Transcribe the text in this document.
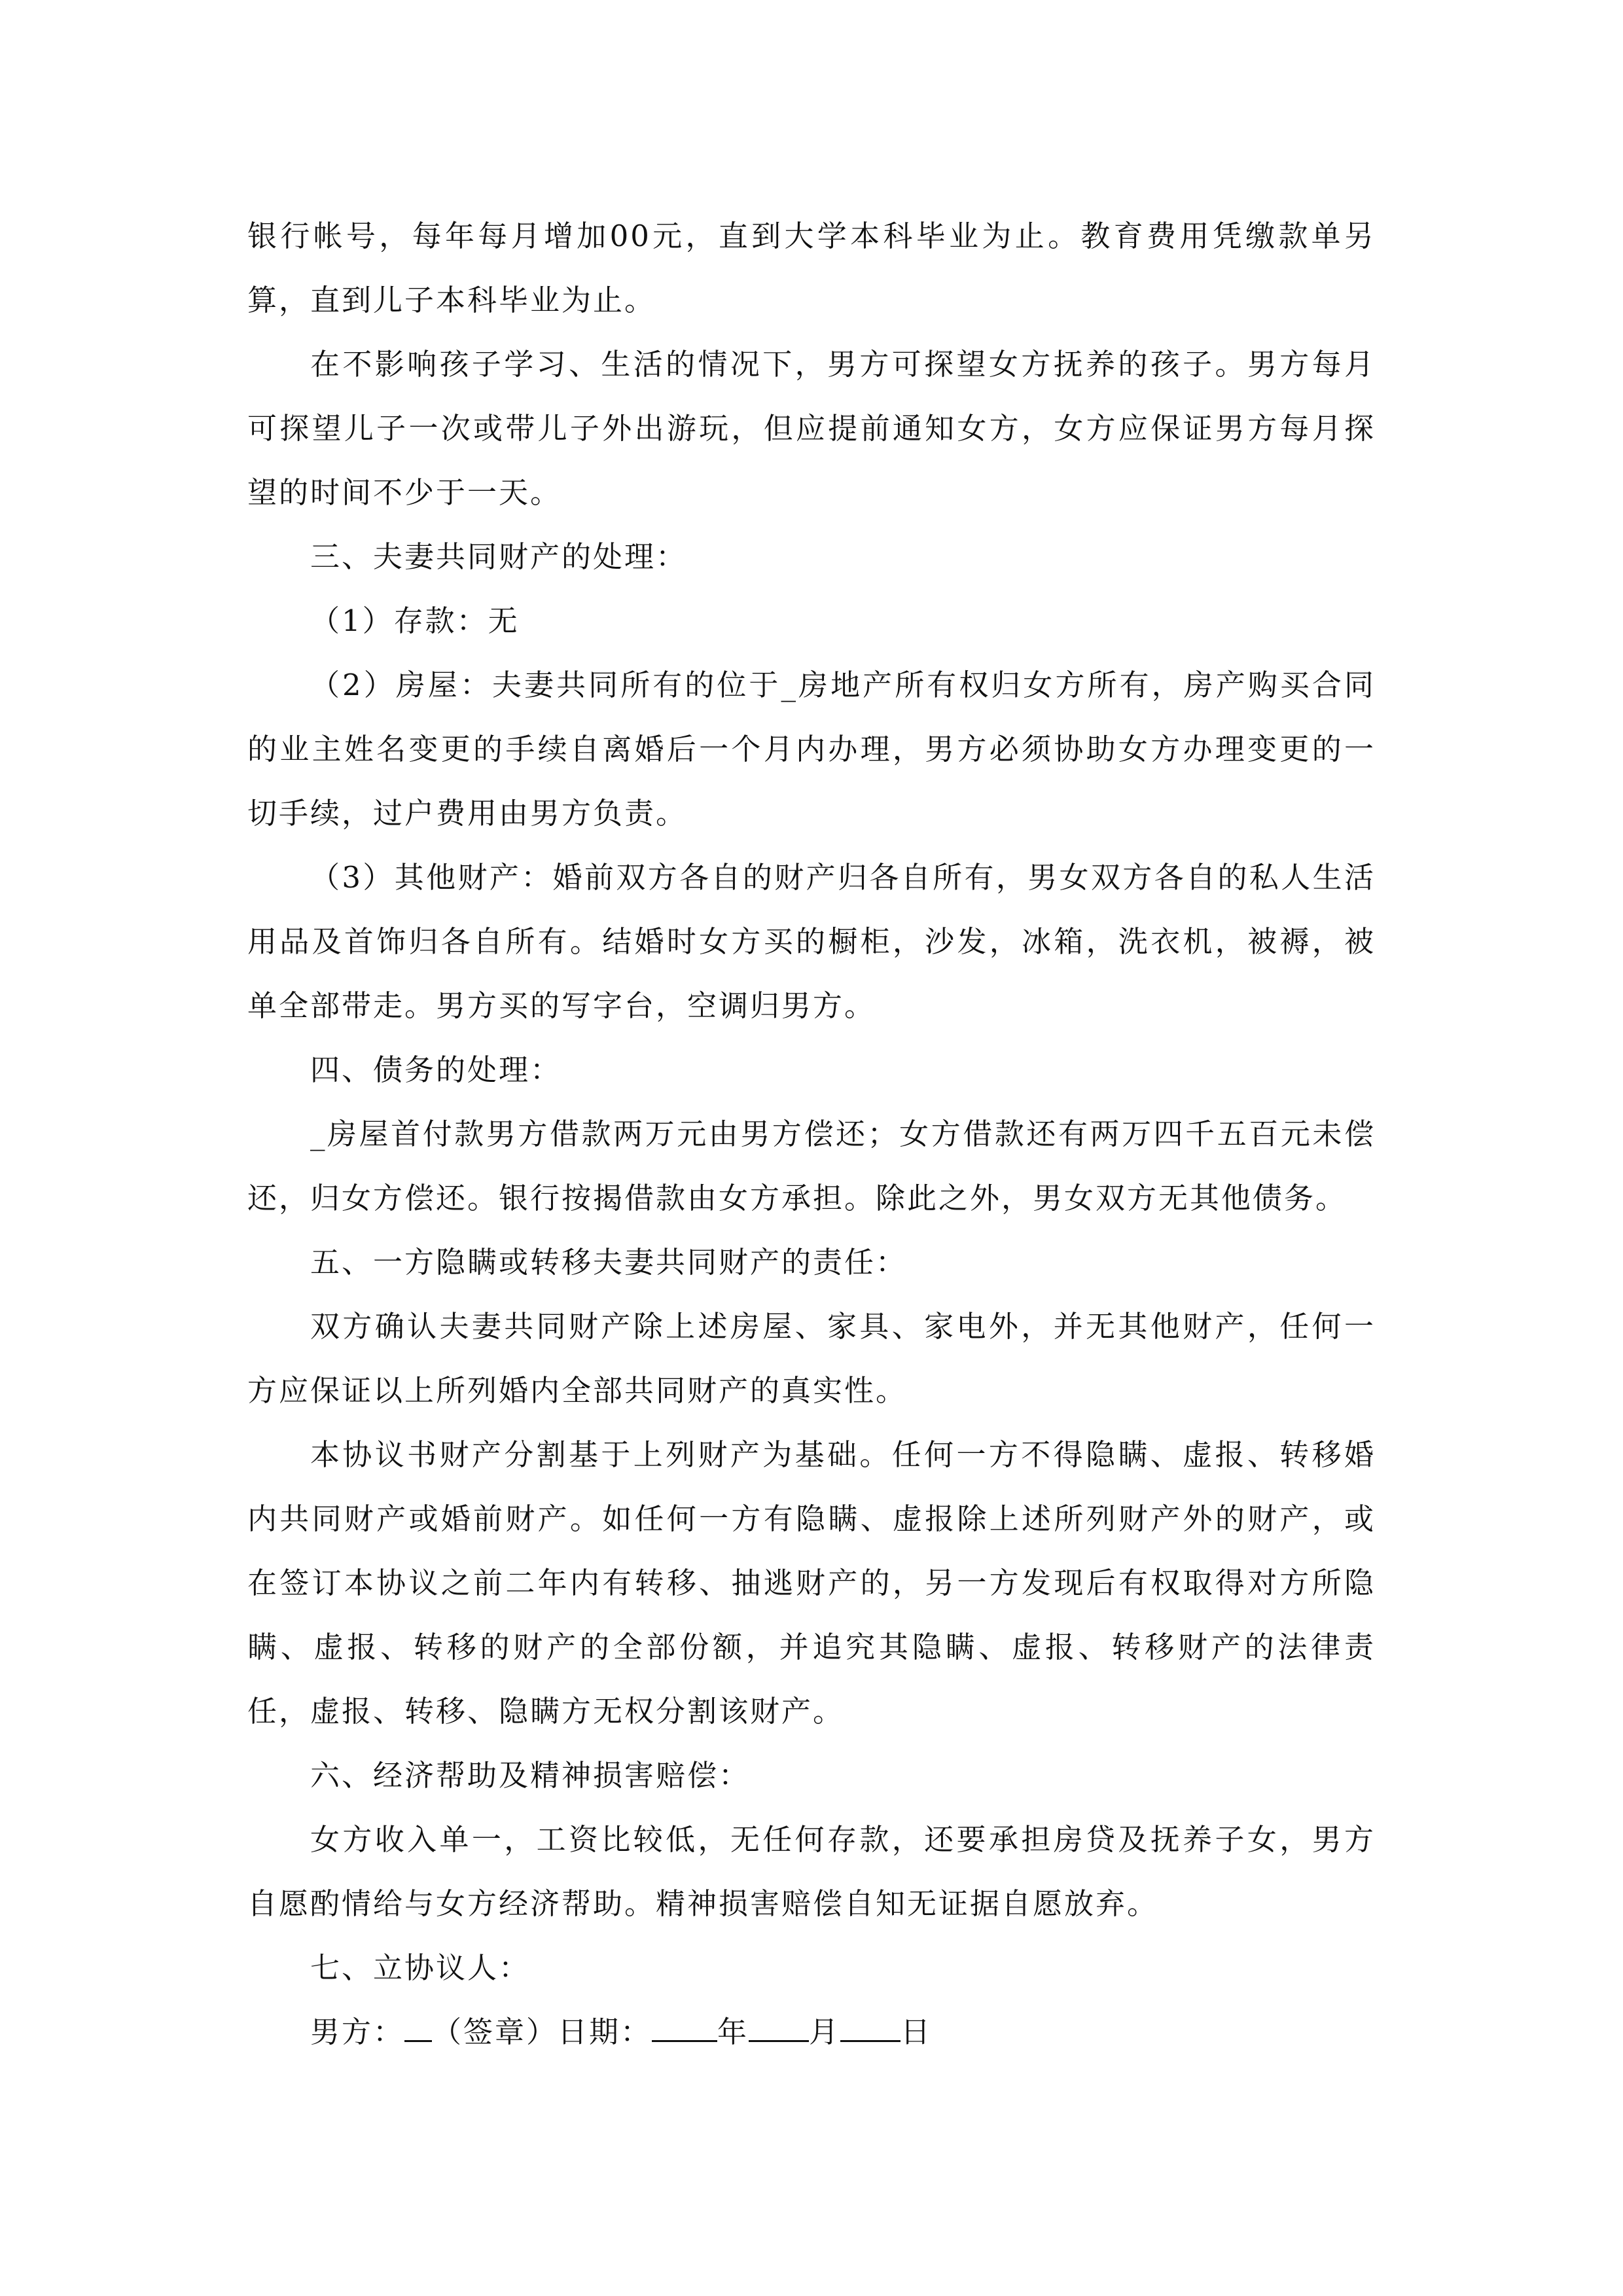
银行帐号，每年每月增加00元，直到大学本科毕业为止。教育费用凭缴款单另算，直到儿子本科毕业为止。

在不影响孩子学习、生活的情况下，男方可探望女方抚养的孩子。男方每月可探望儿子一次或带儿子外出游玩，但应提前通知女方，女方应保证男方每月探望的时间不少于一天。

三、夫妻共同财产的处理：

（1）存款：无

（2）房屋：夫妻共同所有的位于_房地产所有权归女方所有，房产购买合同的业主姓名变更的手续自离婚后一个月内办理，男方必须协助女方办理变更的一切手续，过户费用由男方负责。

（3）其他财产：婚前双方各自的财产归各自所有，男女双方各自的私人生活用品及首饰归各自所有。结婚时女方买的橱柜，沙发，冰箱，洗衣机，被褥，被单全部带走。男方买的写字台，空调归男方。

四、债务的处理：

_房屋首付款男方借款两万元由男方偿还；女方借款还有两万四千五百元未偿还，归女方偿还。银行按揭借款由女方承担。除此之外，男女双方无其他债务。

五、一方隐瞒或转移夫妻共同财产的责任：

双方确认夫妻共同财产除上述房屋、家具、家电外，并无其他财产，任何一方应保证以上所列婚内全部共同财产的真实性。

本协议书财产分割基于上列财产为基础。任何一方不得隐瞒、虚报、转移婚内共同财产或婚前财产。如任何一方有隐瞒、虚报除上述所列财产外的财产，或在签订本协议之前二年内有转移、抽逃财产的，另一方发现后有权取得对方所隐瞒、虚报、转移的财产的全部份额，并追究其隐瞒、虚报、转移财产的法律责任，虚报、转移、隐瞒方无权分割该财产。

六、经济帮助及精神损害赔偿：

女方收入单一，工资比较低，无任何存款，还要承担房贷及抚养子女，男方自愿酌情给与女方经济帮助。精神损害赔偿自知无证据自愿放弃。

七、立协议人：

男方： （签章）日期： 年 月 日
